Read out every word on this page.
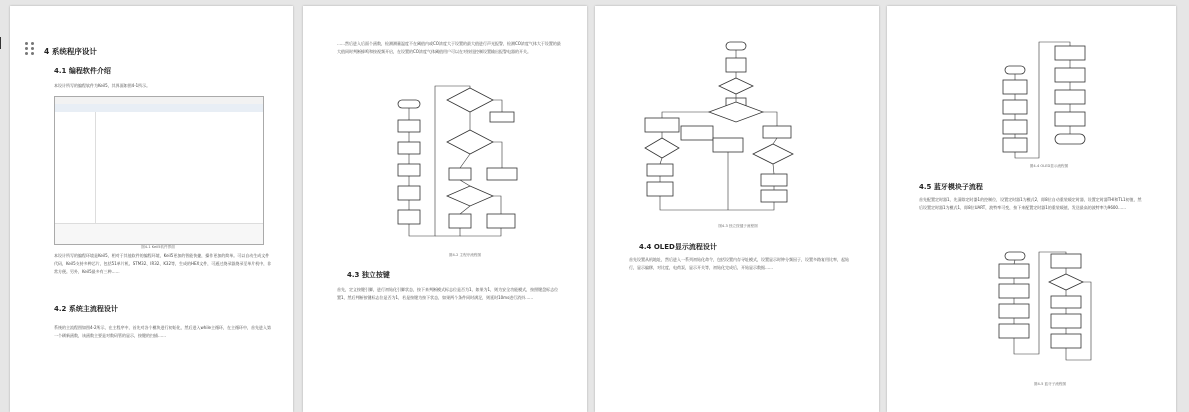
4 系统程序设计
4.1 编程软件介绍
本设计所写的编程软件为Keil5，其界面如图4-1所示。
图4-1 Keil5软件界面
本设计所写的编程环境是Keil5，相对于其他软件的编程环境，Keil5更加的智能快捷，操作更加的简单。可以自动生成文件代码，Keil5支持多种芯片，包括51单片机、STM32、IR32、K32等，生成的HEX文件，可通过烧录器烧录至单片机中，非常方便。另外，Keil5最多有三种……
4.2 系统主流程设计
系统的主流程图如图4-2所示，在主程序中，首先对各个模块进行初始化，然后进入while主循环，在主循环中，首先进入第一个刷新函数，该函数主要是对数码管的显示，按键的扫描……
……然后进入后面个函数，检测测量温度不在阈值内或CO浓度大于设置的最大值进行声光报警，检测CO浓度气体大于设置的最大值同时判断蜂鸣和按视频开启，在设置的CO浓度气体阈值用户可以在对按钮控制设置输出报警电器的开关。
图4-2 主程序流程图
4.3 独立按键
首先，定义按键引脚，进行初始化引脚状态，按下来判断模式标志位是否为1，如果为1，则为安全功能模式，按照键盘标志位置1，然后判断按键标志位是否为1，若是按键为按下状态，如果两个条件同时满足，则延时10ms进行消抖……
图4-3 独立按键子流程图
4.4 OLED显示流程设计
首先设置从机地址，然后进入一系列初始化命令，包括设置内存寻址模式，设置显示时钟分频因子，设置多路复用比率，起始行，显示偏移，对比度，电荷泵，显示开关等，初始化完成后，开始显示数据……
图4-4 OLED显示流程图
4.5 蓝牙模块子流程
首先配置定时器1，先清除定时器1的控制位，设置定时器1为模式2，即8位自动重装载定时器，设置定时器THl和TL1初值，然后设置定时器1为模式1，即8位UART，波特率可变，按下来配置定时器1的重装载值，发送最高的波特率为9600……
图4-5 蓝牙子流程图
